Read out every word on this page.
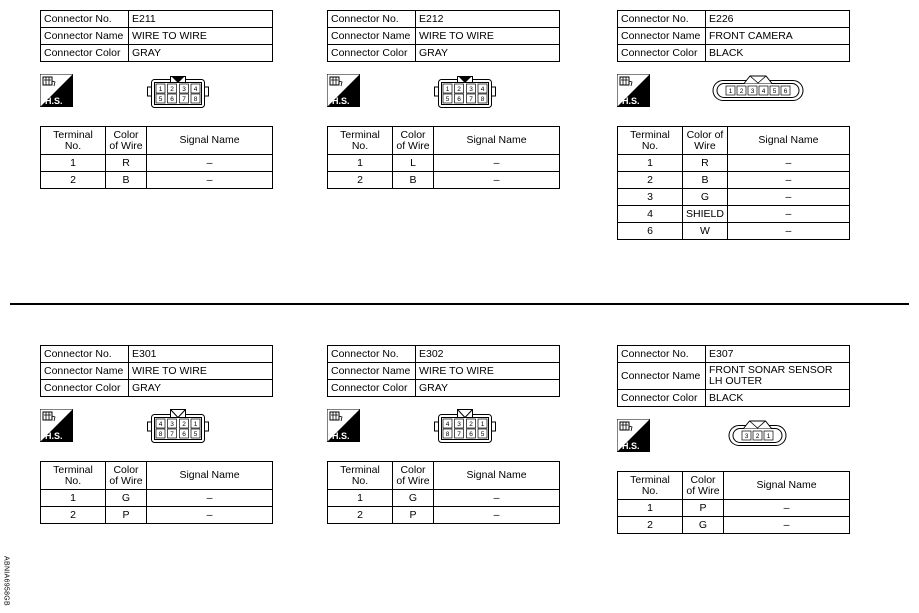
Connector No.	E211
Connector Name	WIRE TO WIRE
Connector Color	GRAY
H.S.
1
5
2
6
3
7
4
8
Terminal No.	Color of Wire	Signal Name
1	R	–
2	B	–
Connector No.	E212
Connector Name	WIRE TO WIRE
Connector Color	GRAY
H.S.
1
5
2
6
3
7
4
8
Terminal No.	Color of Wire	Signal Name
1	L	–
2	B	–
Connector No.	E226
Connector Name	FRONT CAMERA
Connector Color	BLACK
H.S.
1 2 3 4 5 6
Terminal No.	Color of Wire	Signal Name
1	R	–
2	B	–
3	G	–
4	SHIELD	–
6	W	–
Connector No.	E301
Connector Name	WIRE TO WIRE
Connector Color	GRAY
H.S.
4
8
3
7
2
6
1
5
Terminal No.	Color of Wire	Signal Name
1	G	–
2	P	–
Connector No.	E302
Connector Name	WIRE TO WIRE
Connector Color	GRAY
H.S.
4
8
3
7
2
6
1
5
Terminal No.	Color of Wire	Signal Name
1	G	–
2	P	–
Connector No.	E307
Connector Name	FRONT SONAR SENSOR LH OUTER
Connector Color	BLACK
H.S.
3 2 1
Terminal No.	Color of Wire	Signal Name
1	P	–
2	G	–
ABNIA6958GB
